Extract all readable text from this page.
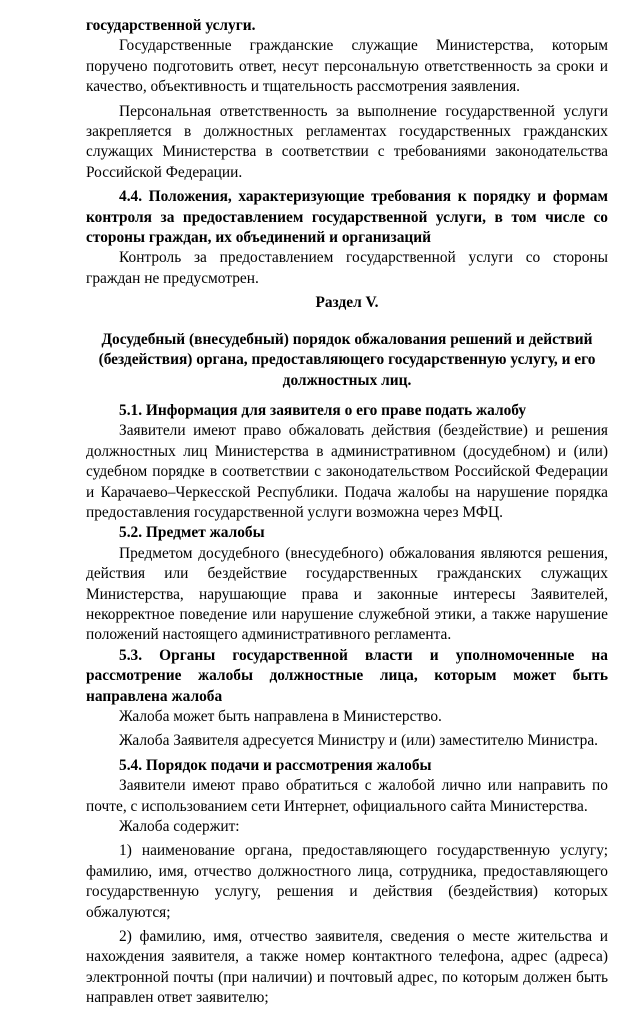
государственной услуги.

Государственные гражданские служащие Министерства, которым поручено подготовить ответ, несут персональную ответственность за сроки и качество, объективность и тщательность рассмотрения заявления.

Персональная ответственность за выполнение государственной услуги закрепляется в должностных регламентах государственных гражданских служащих Министерства в соответствии с требованиями законодательства Российской Федерации.

4.4. Положения, характеризующие требования к порядку и формам контроля за предоставлением государственной услуги, в том числе со стороны граждан, их объединений и организаций

Контроль за предоставлением государственной услуги со стороны граждан не предусмотрен.

Раздел V.

Досудебный (внесудебный) порядок обжалования решений и действий (бездействия) органа, предоставляющего государственную услугу, и его должностных лиц.

5.1. Информация для заявителя о его праве подать жалобу

Заявители имеют право обжаловать действия (бездействие) и решения должностных лиц Министерства в административном (досудебном) и (или) судебном порядке в соответствии с законодательством Российской Федерации и Карачаево–Черкесской Республики. Подача жалобы на нарушение порядка предоставления государственной услуги возможна через МФЦ.

5.2. Предмет жалобы

Предметом досудебного (внесудебного) обжалования являются решения, действия или бездействие государственных гражданских служащих Министерства, нарушающие права и законные интересы Заявителей, некорректное поведение или нарушение служебной этики, а также нарушение положений настоящего административного регламента.

5.3. Органы государственной власти и уполномоченные на рассмотрение жалобы должностные лица, которым может быть направлена жалоба

Жалоба может быть направлена в Министерство.

Жалоба Заявителя адресуется Министру и (или) заместителю Министра.

5.4. Порядок подачи и рассмотрения жалобы

Заявители имеют право обратиться с жалобой лично или направить по почте, с использованием сети Интернет, официального сайта Министерства.

Жалоба содержит:

1) наименование органа, предоставляющего государственную услугу; фамилию, имя, отчество должностного лица, сотрудника, предоставляющего государственную услугу, решения и действия (бездействия) которых обжалуются;

2) фамилию, имя, отчество заявителя, сведения о месте жительства и нахождения заявителя, а также номер контактного телефона, адрес (адреса) электронной почты (при наличии) и почтовый адрес, по которым должен быть направлен ответ заявителю;
